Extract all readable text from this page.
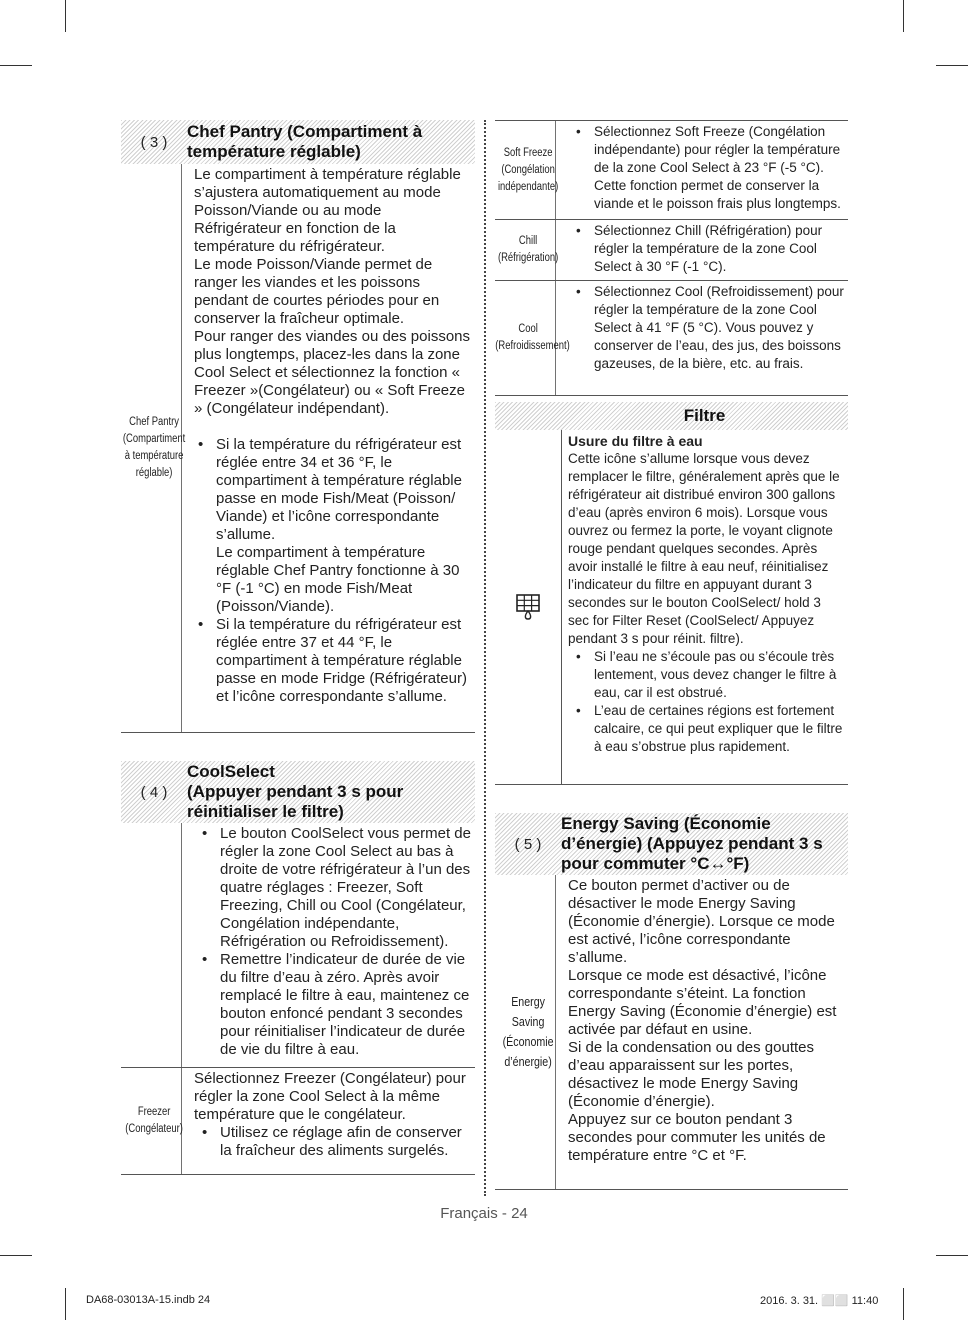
( 3 )
Chef Pantry (Compartiment à
température réglable)
Chef Pantry
(Compartiment
à température
réglable)

Le compartiment à température réglable s’ajustera automatiquement au mode Poisson/Viande ou au mode Réfrigérateur en fonction de la température du réfrigérateur.

Le mode Poisson/Viande permet de ranger les viandes et les poissons pendant de courtes périodes pour en conserver la fraîcheur optimale.

Pour ranger des viandes ou des poissons plus longtemps, placez-les dans la zone Cool Select et sélectionnez la fonction « Freezer »(Congélateur) ou « Soft Freeze » (Congélateur indépendant).

• Si la température du réfrigérateur est réglée entre 34 et 36 °F, le compartiment à température réglable passe en mode Fish/Meat (Poisson/ Viande) et l’icône correspondante s’allume.
Le compartiment à température réglable Chef Pantry fonctionne à 30 °F (-1 °C) en mode Fish/Meat (Poisson/Viande).
• Si la température du réfrigérateur est réglée entre 37 et 44 °F, le compartiment à température réglable passe en mode Fridge (Réfrigérateur) et l’icône correspondante s’allume.
( 4 )
CoolSelect
(Appuyer pendant 3 s pour
réinitialiser le filtre)
• Le bouton CoolSelect vous permet de régler la zone Cool Select au bas à droite de votre réfrigérateur à l’un des quatre réglages : Freezer, Soft Freezing, Chill ou Cool (Congélateur, Congélation indépendante, Réfrigération ou Refroidissement).
• Remettre l’indicateur de durée de vie du filtre d’eau à zéro. Après avoir remplacé le filtre à eau, maintenez ce bouton enfoncé pendant 3 secondes pour réinitialiser l’indicateur de durée de vie du filtre à eau.
Freezer
(Congélateur)

Sélectionnez Freezer (Congélateur) pour régler la zone Cool Select à la même température que le congélateur.

• Utilisez ce réglage afin de conserver la fraîcheur des aliments surgelés.
Soft Freeze
(Congélation
indépendante)
• Sélectionnez Soft Freeze (Congélation indépendante) pour régler la température de la zone Cool Select à 23 °F (-5 °C). Cette fonction permet de conserver la viande et le poisson frais plus longtemps.
Chill
(Réfrigération)
• Sélectionnez Chill (Réfrigération) pour régler la température de la zone Cool Select à 30 °F (-1 °C).
Cool
(Refroidissement)
• Sélectionnez Cool (Refroidissement) pour régler la température de la zone Cool Select à 41 °F (5 °C). Vous pouvez y conserver de l’eau, des jus, des boissons gazeuses, de la bière, etc. au frais.
Filtre

Usure du filtre à eau

Cette icône s’allume lorsque vous devez remplacer le filtre, généralement après que le réfrigérateur ait distribué environ 300 gallons d’eau (après environ 6 mois). Lorsque vous ouvrez ou fermez la porte, le voyant clignote rouge pendant quelques secondes. Après avoir installé le filtre à eau neuf, réinitialisez l’indicateur du filtre en appuyant durant 3 secondes sur le bouton CoolSelect/ hold 3 sec for Filter Reset (CoolSelect/ Appuyez pendant 3 s pour réinit. filtre).

• Si l’eau ne s’écoule pas ou s’écoule très lentement, vous devez changer le filtre à eau, car il est obstrué.
• L’eau de certaines régions est fortement calcaire, ce qui peut expliquer que le filtre à eau s’obstrue plus rapidement.
( 5 )
Energy Saving (Économie
d’énergie) (Appuyez pendant 3 s
pour commuter °C↔°F)
Energy
Saving
(Économie
d’énergie)

Ce bouton permet d’activer ou de désactiver le mode Energy Saving (Économie d’énergie). Lorsque ce mode est activé, l’icône correspondante s’allume.

Lorsque ce mode est désactivé, l’icône correspondante s’éteint. La fonction Energy Saving (Économie d’énergie) est activée par défaut en usine.

Si de la condensation ou des gouttes d’eau apparaissent sur les portes, désactivez le mode Energy Saving (Économie d’énergie).

Appuyez sur ce bouton pendant 3 secondes pour commuter les unités de température entre °C et °F.

Français - 24
DA68-03013A-15.indb 24	2016. 3. 31. ⬜⬜ 11:40
